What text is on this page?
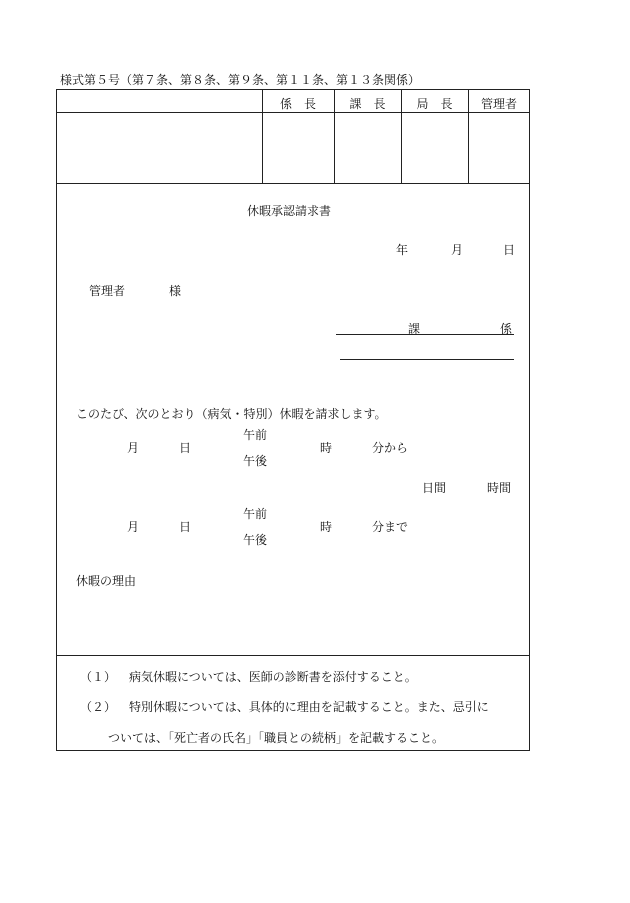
様式第５号（第７条、第８条、第９条、第１１条、第１３条関係）
係　長	課　長	局　長	管理者
休暇承認請求書
年	月	日
管理者	様
課	係
このたび、次のとおり（病気・特別）休暇を請求します。
月	日
午前
午後
時	分から
日間	時間
月	日
午前
午後
時	分まで
休暇の理由
（１） 病気休暇については、医師の診断書を添付すること。
（２） 特別休暇については、具体的に理由を記載すること。また、忌引に
ついては、「死亡者の氏名」「職員との続柄」を記載すること。
